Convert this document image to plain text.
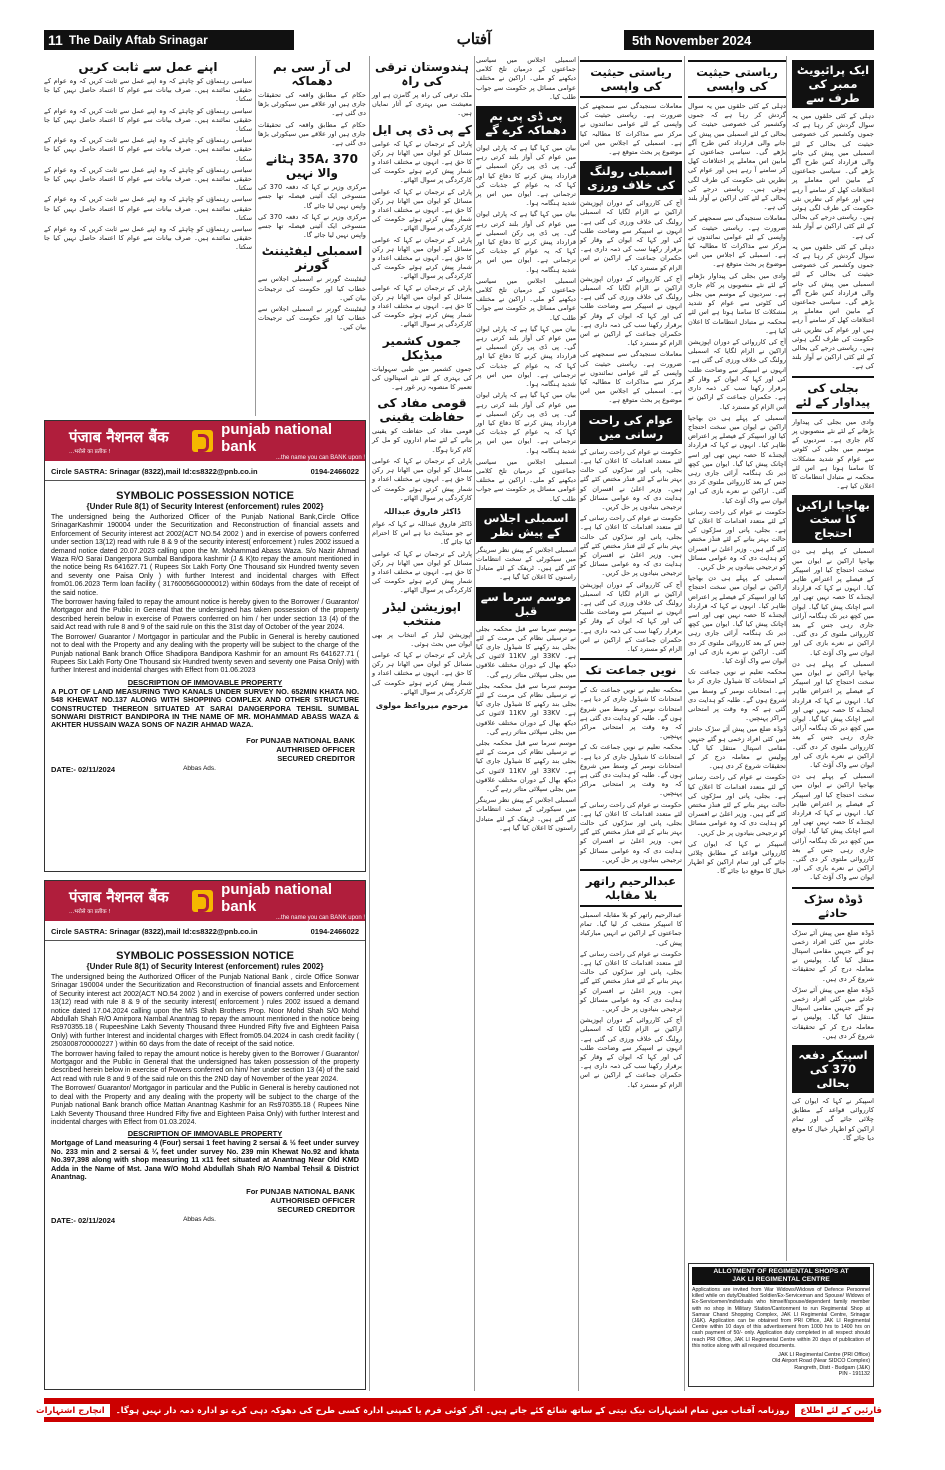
11 The Daily Aftab Srinagar	آفتاب	5th November 2024
ایک پرائیویٹ ممبر کی طرف سے

دہلی کے کئی حلقوں میں یہ سوال گردش کر رہا ہے کہ جموں وکشمیر کی خصوصی حیثیت کی بحالی کے لئے اسمبلی میں پیش کی جانے والی قرارداد کس طرح آگے بڑھے گی۔ سیاسی جماعتوں کے مابین اس معاملے پر اختلافات کھل کر سامنے آ رہے ہیں اور عوام کی نظریں نئی حکومت کی طرف لگی ہوئی ہیں۔ ریاستی درجے کی بحالی کے لئے کئی اراکین نے آواز بلند کی ہے۔

دہلی کے کئی حلقوں میں یہ سوال گردش کر رہا ہے کہ جموں وکشمیر کی خصوصی حیثیت کی بحالی کے لئے اسمبلی میں پیش کی جانے والی قرارداد کس طرح آگے بڑھے گی۔ سیاسی جماعتوں کے مابین اس معاملے پر اختلافات کھل کر سامنے آ رہے ہیں اور عوام کی نظریں نئی حکومت کی طرف لگی ہوئی ہیں۔ ریاستی درجے کی بحالی کے لئے کئی اراکین نے آواز بلند کی ہے۔

بجلی کی پیداوار کے لئے

وادی میں بجلی کی پیداوار بڑھانے کے لئے نئے منصوبوں پر کام جاری ہے۔ سردیوں کے موسم میں بجلی کی کٹوتی سے عوام کو شدید مشکلات کا سامنا ہوتا ہے اس لئے محکمہ نے متبادل انتظامات کا اعلان کیا ہے۔

بھاجپا اراکین کا سخت احتجاج

اسمبلی کے پہلے ہی دن بھاجپا اراکین نے ایوان میں سخت احتجاج کیا اور اسپیکر کے فیصلے پر اعتراض ظاہر کیا۔ انہوں نے کہا کہ قرارداد ایجنڈے کا حصہ نہیں تھی اور اسے اچانک پیش کیا گیا۔ ایوان میں کچھ دیر تک ہنگامہ آرائی جاری رہی جس کے بعد کارروائی ملتوی کر دی گئی۔ اراکین نے نعرے بازی کی اور ایوان سے واک آؤٹ کیا۔

اسمبلی کے پہلے ہی دن بھاجپا اراکین نے ایوان میں سخت احتجاج کیا اور اسپیکر کے فیصلے پر اعتراض ظاہر کیا۔ انہوں نے کہا کہ قرارداد ایجنڈے کا حصہ نہیں تھی اور اسے اچانک پیش کیا گیا۔ ایوان میں کچھ دیر تک ہنگامہ آرائی جاری رہی جس کے بعد کارروائی ملتوی کر دی گئی۔ اراکین نے نعرے بازی کی اور ایوان سے واک آؤٹ کیا۔

اسمبلی کے پہلے ہی دن بھاجپا اراکین نے ایوان میں سخت احتجاج کیا اور اسپیکر کے فیصلے پر اعتراض ظاہر کیا۔ انہوں نے کہا کہ قرارداد ایجنڈے کا حصہ نہیں تھی اور اسے اچانک پیش کیا گیا۔ ایوان میں کچھ دیر تک ہنگامہ آرائی جاری رہی جس کے بعد کارروائی ملتوی کر دی گئی۔ اراکین نے نعرے بازی کی اور ایوان سے واک آؤٹ کیا۔

ڈوڈہ سڑک حادثے

ڈوڈہ ضلع میں پیش آئے سڑک حادثے میں کئی افراد زخمی ہو گئے جنہیں مقامی اسپتال منتقل کیا گیا۔ پولیس نے معاملہ درج کر کے تحقیقات شروع کر دی ہیں۔

ڈوڈہ ضلع میں پیش آئے سڑک حادثے میں کئی افراد زخمی ہو گئے جنہیں مقامی اسپتال منتقل کیا گیا۔ پولیس نے معاملہ درج کر کے تحقیقات شروع کر دی ہیں۔

اسپیکر دفعہ 370 کی بحالی

اسپیکر نے کہا کہ ایوان کی کارروائی قواعد کے مطابق چلائی جائے گی اور تمام اراکین کو اظہار خیال کا موقع دیا جائے گا۔

ریاستی حیثیت کی واپسی

دہلی کے کئی حلقوں میں یہ سوال گردش کر رہا ہے کہ جموں وکشمیر کی خصوصی حیثیت کی بحالی کے لئے اسمبلی میں پیش کی جانے والی قرارداد کس طرح آگے بڑھے گی۔ سیاسی جماعتوں کے مابین اس معاملے پر اختلافات کھل کر سامنے آ رہے ہیں اور عوام کی نظریں نئی حکومت کی طرف لگی ہوئی ہیں۔ ریاستی درجے کی بحالی کے لئے کئی اراکین نے آواز بلند کی ہے۔

معاملات سنجیدگی سے سمجھنے کی ضرورت ہے۔ ریاستی حیثیت کی واپسی کے لئے عوامی نمائندوں نے مرکز سے مذاکرات کا مطالبہ کیا ہے۔ اسمبلی کے اجلاس میں اس موضوع پر بحث متوقع ہے۔

وادی میں بجلی کی پیداوار بڑھانے کے لئے نئے منصوبوں پر کام جاری ہے۔ سردیوں کے موسم میں بجلی کی کٹوتی سے عوام کو شدید مشکلات کا سامنا ہوتا ہے اس لئے محکمہ نے متبادل انتظامات کا اعلان کیا ہے۔

آج کی کارروائی کے دوران اپوزیشن اراکین نے الزام لگایا کہ اسمبلی رولنگ کی خلاف ورزی کی گئی ہے۔ انہوں نے اسپیکر سے وضاحت طلب کی اور کہا کہ ایوان کے وقار کو برقرار رکھنا سب کی ذمہ داری ہے۔ حکمران جماعت کے اراکین نے اس الزام کو مسترد کیا۔

اسمبلی کے پہلے ہی دن بھاجپا اراکین نے ایوان میں سخت احتجاج کیا اور اسپیکر کے فیصلے پر اعتراض ظاہر کیا۔ انہوں نے کہا کہ قرارداد ایجنڈے کا حصہ نہیں تھی اور اسے اچانک پیش کیا گیا۔ ایوان میں کچھ دیر تک ہنگامہ آرائی جاری رہی جس کے بعد کارروائی ملتوی کر دی گئی۔ اراکین نے نعرے بازی کی اور ایوان سے واک آؤٹ کیا۔

حکومت نے عوام کی راحت رسانی کے لئے متعدد اقدامات کا اعلان کیا ہے۔ بجلی، پانی اور سڑکوں کی حالت بہتر بنانے کے لئے فنڈز مختص کئے گئے ہیں۔ وزیر اعلیٰ نے افسران کو ہدایت دی کہ وہ عوامی مسائل کو ترجیحی بنیادوں پر حل کریں۔

اسمبلی کے پہلے ہی دن بھاجپا اراکین نے ایوان میں سخت احتجاج کیا اور اسپیکر کے فیصلے پر اعتراض ظاہر کیا۔ انہوں نے کہا کہ قرارداد ایجنڈے کا حصہ نہیں تھی اور اسے اچانک پیش کیا گیا۔ ایوان میں کچھ دیر تک ہنگامہ آرائی جاری رہی جس کے بعد کارروائی ملتوی کر دی گئی۔ اراکین نے نعرے بازی کی اور ایوان سے واک آؤٹ کیا۔

محکمہ تعلیم نے نویں جماعت تک کے امتحانات کا شیڈول جاری کر دیا ہے۔ امتحانات نومبر کے وسط میں شروع ہوں گے۔ طلبہ کو ہدایت دی گئی ہے کہ وہ وقت پر امتحانی مراکز پہنچیں۔

ڈوڈہ ضلع میں پیش آئے سڑک حادثے میں کئی افراد زخمی ہو گئے جنہیں مقامی اسپتال منتقل کیا گیا۔ پولیس نے معاملہ درج کر کے تحقیقات شروع کر دی ہیں۔

حکومت نے عوام کی راحت رسانی کے لئے متعدد اقدامات کا اعلان کیا ہے۔ بجلی، پانی اور سڑکوں کی حالت بہتر بنانے کے لئے فنڈز مختص کئے گئے ہیں۔ وزیر اعلیٰ نے افسران کو ہدایت دی کہ وہ عوامی مسائل کو ترجیحی بنیادوں پر حل کریں۔

اسپیکر نے کہا کہ ایوان کی کارروائی قواعد کے مطابق چلائی جائے گی اور تمام اراکین کو اظہار خیال کا موقع دیا جائے گا۔

ریاستی حیثیت کی واپسی

معاملات سنجیدگی سے سمجھنے کی ضرورت ہے۔ ریاستی حیثیت کی واپسی کے لئے عوامی نمائندوں نے مرکز سے مذاکرات کا مطالبہ کیا ہے۔ اسمبلی کے اجلاس میں اس موضوع پر بحث متوقع ہے۔

اسمبلی رولنگ کی خلاف ورزی

آج کی کارروائی کے دوران اپوزیشن اراکین نے الزام لگایا کہ اسمبلی رولنگ کی خلاف ورزی کی گئی ہے۔ انہوں نے اسپیکر سے وضاحت طلب کی اور کہا کہ ایوان کے وقار کو برقرار رکھنا سب کی ذمہ داری ہے۔ حکمران جماعت کے اراکین نے اس الزام کو مسترد کیا۔

آج کی کارروائی کے دوران اپوزیشن اراکین نے الزام لگایا کہ اسمبلی رولنگ کی خلاف ورزی کی گئی ہے۔ انہوں نے اسپیکر سے وضاحت طلب کی اور کہا کہ ایوان کے وقار کو برقرار رکھنا سب کی ذمہ داری ہے۔ حکمران جماعت کے اراکین نے اس الزام کو مسترد کیا۔

معاملات سنجیدگی سے سمجھنے کی ضرورت ہے۔ ریاستی حیثیت کی واپسی کے لئے عوامی نمائندوں نے مرکز سے مذاکرات کا مطالبہ کیا ہے۔ اسمبلی کے اجلاس میں اس موضوع پر بحث متوقع ہے۔

عوام کی راحت رسانی میں

حکومت نے عوام کی راحت رسانی کے لئے متعدد اقدامات کا اعلان کیا ہے۔ بجلی، پانی اور سڑکوں کی حالت بہتر بنانے کے لئے فنڈز مختص کئے گئے ہیں۔ وزیر اعلیٰ نے افسران کو ہدایت دی کہ وہ عوامی مسائل کو ترجیحی بنیادوں پر حل کریں۔

حکومت نے عوام کی راحت رسانی کے لئے متعدد اقدامات کا اعلان کیا ہے۔ بجلی، پانی اور سڑکوں کی حالت بہتر بنانے کے لئے فنڈز مختص کئے گئے ہیں۔ وزیر اعلیٰ نے افسران کو ہدایت دی کہ وہ عوامی مسائل کو ترجیحی بنیادوں پر حل کریں۔

آج کی کارروائی کے دوران اپوزیشن اراکین نے الزام لگایا کہ اسمبلی رولنگ کی خلاف ورزی کی گئی ہے۔ انہوں نے اسپیکر سے وضاحت طلب کی اور کہا کہ ایوان کے وقار کو برقرار رکھنا سب کی ذمہ داری ہے۔ حکمران جماعت کے اراکین نے اس الزام کو مسترد کیا۔

نویں جماعت تک

محکمہ تعلیم نے نویں جماعت تک کے امتحانات کا شیڈول جاری کر دیا ہے۔ امتحانات نومبر کے وسط میں شروع ہوں گے۔ طلبہ کو ہدایت دی گئی ہے کہ وہ وقت پر امتحانی مراکز پہنچیں۔

محکمہ تعلیم نے نویں جماعت تک کے امتحانات کا شیڈول جاری کر دیا ہے۔ امتحانات نومبر کے وسط میں شروع ہوں گے۔ طلبہ کو ہدایت دی گئی ہے کہ وہ وقت پر امتحانی مراکز پہنچیں۔

حکومت نے عوام کی راحت رسانی کے لئے متعدد اقدامات کا اعلان کیا ہے۔ بجلی، پانی اور سڑکوں کی حالت بہتر بنانے کے لئے فنڈز مختص کئے گئے ہیں۔ وزیر اعلیٰ نے افسران کو ہدایت دی کہ وہ عوامی مسائل کو ترجیحی بنیادوں پر حل کریں۔

عبدالرحیم راتھر بلا مقابلہ

عبدالرحیم راتھر کو بلا مقابلہ اسمبلی کا اسپیکر منتخب کر لیا گیا۔ تمام جماعتوں کے اراکین نے انہیں مبارکباد پیش کی۔

حکومت نے عوام کی راحت رسانی کے لئے متعدد اقدامات کا اعلان کیا ہے۔ بجلی، پانی اور سڑکوں کی حالت بہتر بنانے کے لئے فنڈز مختص کئے گئے ہیں۔ وزیر اعلیٰ نے افسران کو ہدایت دی کہ وہ عوامی مسائل کو ترجیحی بنیادوں پر حل کریں۔

آج کی کارروائی کے دوران اپوزیشن اراکین نے الزام لگایا کہ اسمبلی رولنگ کی خلاف ورزی کی گئی ہے۔ انہوں نے اسپیکر سے وضاحت طلب کی اور کہا کہ ایوان کے وقار کو برقرار رکھنا سب کی ذمہ داری ہے۔ حکمران جماعت کے اراکین نے اس الزام کو مسترد کیا۔

اسمبلی اجلاس میں سیاسی جماعتوں کے درمیان تلخ کلامی دیکھنے کو ملی۔ اراکین نے مختلف عوامی مسائل پر حکومت سے جواب طلب کیا۔

پی ڈی پی بم دھماکہ کرے گے

بیان میں کہا گیا ہے کہ پارٹی ایوان میں عوام کی آواز بلند کرتی رہے گی۔ پی ڈی پی رکن اسمبلی نے قرارداد پیش کرنے کا دفاع کیا اور کہا کہ یہ عوام کے جذبات کی ترجمانی ہے۔ ایوان میں اس پر شدید ہنگامہ ہوا۔

بیان میں کہا گیا ہے کہ پارٹی ایوان میں عوام کی آواز بلند کرتی رہے گی۔ پی ڈی پی رکن اسمبلی نے قرارداد پیش کرنے کا دفاع کیا اور کہا کہ یہ عوام کے جذبات کی ترجمانی ہے۔ ایوان میں اس پر شدید ہنگامہ ہوا۔

اسمبلی اجلاس میں سیاسی جماعتوں کے درمیان تلخ کلامی دیکھنے کو ملی۔ اراکین نے مختلف عوامی مسائل پر حکومت سے جواب طلب کیا۔

بیان میں کہا گیا ہے کہ پارٹی ایوان میں عوام کی آواز بلند کرتی رہے گی۔ پی ڈی پی رکن اسمبلی نے قرارداد پیش کرنے کا دفاع کیا اور کہا کہ یہ عوام کے جذبات کی ترجمانی ہے۔ ایوان میں اس پر شدید ہنگامہ ہوا۔

بیان میں کہا گیا ہے کہ پارٹی ایوان میں عوام کی آواز بلند کرتی رہے گی۔ پی ڈی پی رکن اسمبلی نے قرارداد پیش کرنے کا دفاع کیا اور کہا کہ یہ عوام کے جذبات کی ترجمانی ہے۔ ایوان میں اس پر شدید ہنگامہ ہوا۔

اسمبلی اجلاس میں سیاسی جماعتوں کے درمیان تلخ کلامی دیکھنے کو ملی۔ اراکین نے مختلف عوامی مسائل پر حکومت سے جواب طلب کیا۔

اسمبلی اجلاس کے پیش نظر

اسمبلی اجلاس کے پیش نظر سرینگر میں سیکورٹی کے سخت انتظامات کئے گئے ہیں۔ ٹریفک کے لئے متبادل راستوں کا اعلان کیا گیا ہے۔

موسم سرما سے قبل

موسم سرما سے قبل محکمہ بجلی نے ترسیلی نظام کی مرمت کے لئے بجلی بند رکھنے کا شیڈول جاری کیا ہے۔ 33KV اور 11KV لائنوں کی دیکھ بھال کے دوران مختلف علاقوں میں بجلی سپلائی متاثر رہے گی۔

موسم سرما سے قبل محکمہ بجلی نے ترسیلی نظام کی مرمت کے لئے بجلی بند رکھنے کا شیڈول جاری کیا ہے۔ 33KV اور 11KV لائنوں کی دیکھ بھال کے دوران مختلف علاقوں میں بجلی سپلائی متاثر رہے گی۔

موسم سرما سے قبل محکمہ بجلی نے ترسیلی نظام کی مرمت کے لئے بجلی بند رکھنے کا شیڈول جاری کیا ہے۔ 33KV اور 11KV لائنوں کی دیکھ بھال کے دوران مختلف علاقوں میں بجلی سپلائی متاثر رہے گی۔

اسمبلی اجلاس کے پیش نظر سرینگر میں سیکورٹی کے سخت انتظامات کئے گئے ہیں۔ ٹریفک کے لئے متبادل راستوں کا اعلان کیا گیا ہے۔

ہندوستان ترقی کی راہ

ملک ترقی کی راہ پر گامزن ہے اور معیشت میں بہتری کے آثار نمایاں ہیں۔

کے پی ڈی پی ایل

پارٹی کے ترجمان نے کہا کہ عوامی مسائل کو ایوان میں اٹھانا ہر رکن کا حق ہے۔ انہوں نے مختلف اعداد و شمار پیش کرتے ہوئے حکومت کی کارکردگی پر سوال اٹھائے۔

پارٹی کے ترجمان نے کہا کہ عوامی مسائل کو ایوان میں اٹھانا ہر رکن کا حق ہے۔ انہوں نے مختلف اعداد و شمار پیش کرتے ہوئے حکومت کی کارکردگی پر سوال اٹھائے۔

پارٹی کے ترجمان نے کہا کہ عوامی مسائل کو ایوان میں اٹھانا ہر رکن کا حق ہے۔ انہوں نے مختلف اعداد و شمار پیش کرتے ہوئے حکومت کی کارکردگی پر سوال اٹھائے۔

پارٹی کے ترجمان نے کہا کہ عوامی مسائل کو ایوان میں اٹھانا ہر رکن کا حق ہے۔ انہوں نے مختلف اعداد و شمار پیش کرتے ہوئے حکومت کی کارکردگی پر سوال اٹھائے۔

جموں کشمیر میڈیکل

جموں کشمیر میں طبی سہولیات کی بہتری کے لئے نئے اسپتالوں کی تعمیر کا منصوبہ زیر غور ہے۔

قومی مفاد کی حفاظت یقینی

قومی مفاد کی حفاظت کو یقینی بنانے کے لئے تمام اداروں کو مل کر کام کرنا ہوگا۔

پارٹی کے ترجمان نے کہا کہ عوامی مسائل کو ایوان میں اٹھانا ہر رکن کا حق ہے۔ انہوں نے مختلف اعداد و شمار پیش کرتے ہوئے حکومت کی کارکردگی پر سوال اٹھائے۔

ڈاکٹر فاروق عبداللہ

ڈاکٹر فاروق عبداللہ نے کہا کہ عوام نے جو مینڈیٹ دیا ہے اس کا احترام کیا جائے گا۔

پارٹی کے ترجمان نے کہا کہ عوامی مسائل کو ایوان میں اٹھانا ہر رکن کا حق ہے۔ انہوں نے مختلف اعداد و شمار پیش کرتے ہوئے حکومت کی کارکردگی پر سوال اٹھائے۔

اپوزیشن لیڈر منتخب

اپوزیشن لیڈر کے انتخاب پر بھی ایوان میں بحث ہوئی۔

پارٹی کے ترجمان نے کہا کہ عوامی مسائل کو ایوان میں اٹھانا ہر رکن کا حق ہے۔ انہوں نے مختلف اعداد و شمار پیش کرتے ہوئے حکومت کی کارکردگی پر سوال اٹھائے۔

مرحوم میرواعظ مولوی
لی آر سی بم دھماکہ

حکام کے مطابق واقعہ کی تحقیقات جاری ہیں اور علاقے میں سیکورٹی بڑھا دی گئی ہے۔

حکام کے مطابق واقعہ کی تحقیقات جاری ہیں اور علاقے میں سیکورٹی بڑھا دی گئی ہے۔

370 ،35A ہٹانے والا نہیں

مرکزی وزیر نے کہا کہ دفعہ 370 کی منسوخی ایک آئینی فیصلہ تھا جسے واپس نہیں لیا جائے گا۔

مرکزی وزیر نے کہا کہ دفعہ 370 کی منسوخی ایک آئینی فیصلہ تھا جسے واپس نہیں لیا جائے گا۔

اسمبلی لیفٹیننٹ گورنر

لیفٹیننٹ گورنر نے اسمبلی اجلاس سے خطاب کیا اور حکومت کی ترجیحات بیان کیں۔

لیفٹیننٹ گورنر نے اسمبلی اجلاس سے خطاب کیا اور حکومت کی ترجیحات بیان کیں۔

اپنے عمل سے ثابت کریں

سیاسی رہنماؤں کو چاہئے کہ وہ اپنے عمل سے ثابت کریں کہ وہ عوام کے حقیقی نمائندے ہیں۔ صرف بیانات سے عوام کا اعتماد حاصل نہیں کیا جا سکتا۔

سیاسی رہنماؤں کو چاہئے کہ وہ اپنے عمل سے ثابت کریں کہ وہ عوام کے حقیقی نمائندے ہیں۔ صرف بیانات سے عوام کا اعتماد حاصل نہیں کیا جا سکتا۔

سیاسی رہنماؤں کو چاہئے کہ وہ اپنے عمل سے ثابت کریں کہ وہ عوام کے حقیقی نمائندے ہیں۔ صرف بیانات سے عوام کا اعتماد حاصل نہیں کیا جا سکتا۔

سیاسی رہنماؤں کو چاہئے کہ وہ اپنے عمل سے ثابت کریں کہ وہ عوام کے حقیقی نمائندے ہیں۔ صرف بیانات سے عوام کا اعتماد حاصل نہیں کیا جا سکتا۔

سیاسی رہنماؤں کو چاہئے کہ وہ اپنے عمل سے ثابت کریں کہ وہ عوام کے حقیقی نمائندے ہیں۔ صرف بیانات سے عوام کا اعتماد حاصل نہیں کیا جا سکتا۔

سیاسی رہنماؤں کو چاہئے کہ وہ اپنے عمل سے ثابت کریں کہ وہ عوام کے حقیقی نمائندے ہیں۔ صرف بیانات سے عوام کا اعتماد حاصل نہیں کیا جا سکتا۔

पंजाब नैशनल बैंक
...भरोसे का प्रतीक !
punjab national bank
...the name you can BANK upon !
Circle SASTRA: Srinagar (8322),mail Id:cs8322@pnb.co.in	0194-2466022
SYMBOLIC POSSESSION NOTICE
{Under Rule 8(1) of Security Interest (enforcement) rules 2002}

The undersigned being the Authorized Officer of the Punjab National Bank,Circle Office SrinagarKashmir 190004 under the Securitization and Reconstruction of financial assets and Enforcement of Security interest act 2002(ACT NO.54 2002 ) and in exercise of powers conferred under section 13(12) read with rule 8 & 9 of the security interest( enforcement ) rules 2002 issued a demand notice dated 20.07.2023 calling upon the Mr. Mohammad Abass Waza. S/o Nazir Ahmad Waza R/O Sarai Dangerpora Sumbal Bandipora kashmir (J & K)to repay the amount mentioned in the notice being Rs 641627.71 ( Rupees Six Lakh Forty One Thousand six Hundred twenty seven and seventy one Paisa Only ) with further Interest and incidental charges with Effect from01.06.2023 Term loan facility ( 31760056G0000012) within 60days from the date of receipt of the said notice.

The borrower having failed to repay the amount notice is hereby given to the Borrower / Guarantor/ Mortgagor and the Public in General that the undersigned has taken possession of the property described herein below in exercise of Powers conferred on him / her under section 13 (4) of the said Act read with rule 8 and 9 of the said rule on this the 31st day of October of the year 2024.

The Borrower/ Guarantor / Mortgagor in particular and the Public in General is hereby cautioned not to deal with the Property and any dealing with the property will be subject to the charge of the Punjab national Bank branch Office Shadipora Bandipora Kashmir for an amount Rs 641627.71 ( Rupees Six Lakh Forty One Thousand six Hundred twenty seven and seventy one Paisa Only) with further Interest and incidental charges with Effect from 01.06.2023

DESCRIPTION OF IMMOVABLE PROPERTY
A PLOT OF LAND MEASURING TWO KANALS UNDER SURVEY NO. 652MIN KHATA NO. 548 KHEWAT NO.137 ALONG WITH SHOPPING COMPLEX AND OTHER STRUCTURE CONSTRUCTED THEREON SITUATED AT SARAI DANGERPORA TEHSIL SUMBAL SONWARI DISTRICT BANDIPORA IN THE NAME OF MR. MOHAMMAD ABASS WAZA & AKHTER HUSSAIN WAZA SONS OF NAZIR AHMAD WAZA.
For PUNJAB NATIONAL BANK
AUTHRISED OFFICER
SECURED CREDITOR
DATE:- 02/11/2024	Abbas Ads.
पंजाब नैशनल बैंक
...भरोसे का प्रतीक !
punjab national bank
...the name you can BANK upon !
Circle SASTRA: Srinagar (8322),mail Id:cs8322@pnb.co.in	0194-2466022
SYMBOLIC POSSESSION NOTICE
{Under Rule 8(1) of Security Interest (enforcement) rules 2002}

The undersigned being the Authorized Officer of the Punjab National Bank , circle Office Sonwar Srinagar 190004 under the Securitization and Reconstruction of financial assets and Enforcement of Security interest act 2002(ACT NO.54 2002 ) and in exercise of powers conferred under section 13(12) read with rule 8 & 9 of the security interest( enforcement ) rules 2002 issued a demand notice dated 17.04.2024 calling upon the M/S Shah Brothers Prop. Noor Mohd Shah S/O Mohd Abdullah Shah R/O Amirpora Nambal Anantnag to repay the amount mentioned in the notice being Rs970355.18 ( RupeesNine Lakh Seventy Thousand three Hundred Fifty five and Eighteen Paisa Only) with further Interest and incidental charges with Effect from05.04.2024 in cash credit facility ( 2503008700000227 ) within 60 days from the date of receipt of the said notice.

The borrower having failed to repay the amount notice is hereby given to the Borrower / Guarantor/ Mortgagor and the Public in General that the undersigned has taken possession of the property described herein below in exercise of Powers conferred on him/ her under section 13 (4) of the said Act read with rule 8 and 9 of the said rule on this the 2ND day of November of the year 2024.

The Borrower/ Guarantor/ Mortgagor in particular and the Public in General is hereby cautioned not to deal with the Property and any dealing with the property will be subject to the charge of the Punjab national Bank branch office Mattan Anantnag Kashmir for an Rs970355.18 ( Rupees Nine Lakh Seventy Thousand three Hundred Fifty five and Eighteen Paisa Only) with further Interest and incidental charges with Effect from 01.03.2024.

DESCRIPTION OF IMMOVABLE PROPERTY
Mortgage of Land measuring 4 (Four) sersai 1 feet having 2 sersai & ½ feet under survey No. 233 min and 2 sersai & ¼ feet under survey No. 239 min Khewat No.92 and khata No.397,398 along with shop measuring 11 x11 feet situated at Anantnag Near Old KMD Adda in the Name of Mst. Jana W/O Mohd Abdullah Shah R/O Nambal Tehsil & District Anantnag.
For PUNJAB NATIONAL BANK
AUTHORISED OFFICER
SECURED CREDITOR
DATE:- 02/11/2024	Abbas Ads.
ALLOTMENT OF REGIMENTAL SHOPS AT
JAK LI REGIMENTAL CENTRE
Applications are invited from War Widows/Widows of Defence Personnel killed while on duty/Disabled Soldier/Ex-Serviceman and Spouse/ Widows of Ex-Servicemen/individuals who himself/spouse/dependent family member with no shop in Military Station/Cantonment to run Regimental Shop at Samsar Chand Shopping Complex, JAK LI Regimental Centre, Srinagar (J&K). Application can be obtained from PRI Office, JAK LI Regimental Centre within 10 days of this advertisement from 1000 hrs to 1400 hrs on cash payment of 50/- only. Application duly completed in all respect should reach PRI Office, JAK LI Regimental Centre within 20 days of publication of this notice along with all required documents.
JAK LI Regimental Centre (PRI Office)
Old Airport Road (Near SIDCO Complex)
Rangreth, Distt - Budgam (J&K)
PIN - 191132
قارئین کے لئے اطلاع
روزنامہ آفتاب میں تمام اشتہارات نیک نیتی کے ساتھ شائع کئے جاتے ہیں۔ اگر کوئی فرم یا کمپنی ادارہ کسی طرح کی دھوکہ دہی کرے تو ادارہ ذمہ دار نہیں ہوگا۔
انچارج اشتہارات
